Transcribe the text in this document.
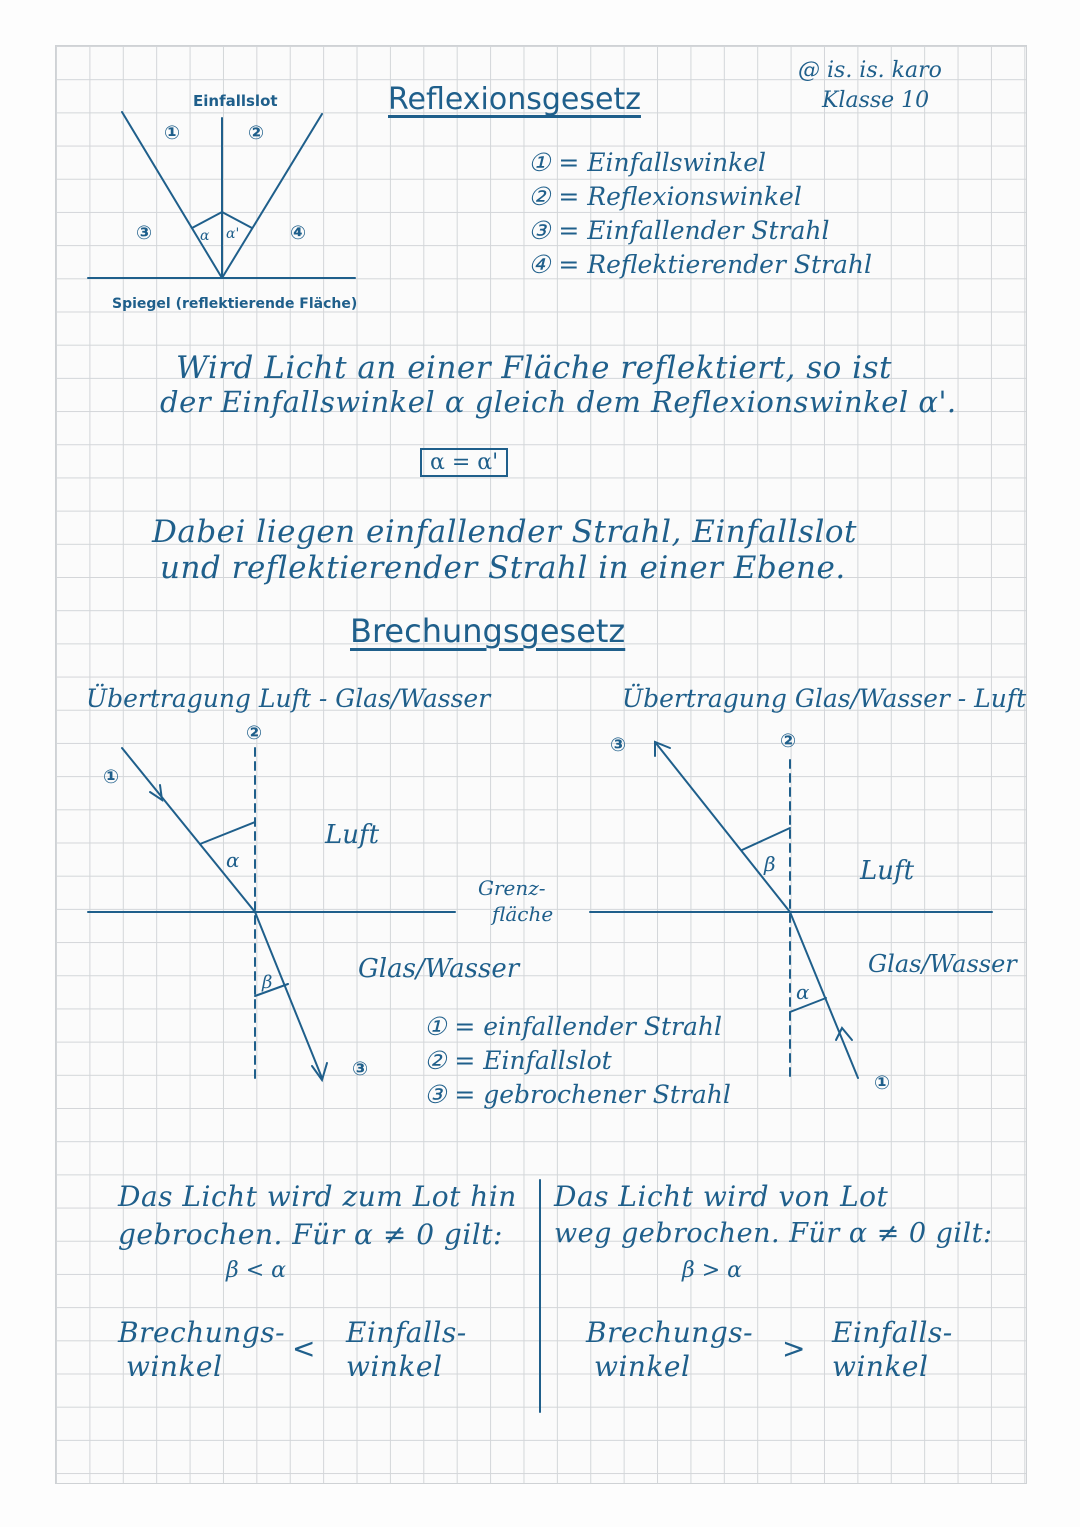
@ is. is. karo
Klasse 10
Reflexionsgesetz
Einfallslot
①	②
③	④
α α'
Spiegel (reflektierende Fläche)
① = Einfallswinkel
② = Reflexionswinkel
③ = Einfallender Strahl
④ = Reflektierender Strahl
Wird Licht an einer Fläche reflektiert, so ist
der Einfallswinkel α gleich dem Reflexionswinkel α'.
α = α'
Dabei liegen einfallender Strahl, Einfallslot
und reflektierender Strahl in einer Ebene.
Brechungsgesetz
Übertragung Luft - Glas/Wasser
②
①
α
Luft
β	Glas/Wasser
③
Grenz-
fläche
Übertragung Glas/Wasser - Luft
③	②
β	Luft
Glas/Wasser
α
①
① = einfallender Strahl
② = Einfallslot
③ = gebrochener Strahl
Das Licht wird zum Lot hin
gebrochen. Für α ≠ 0 gilt:
β < α
Brechungs-
winkel
< Einfalls-
winkel
Das Licht wird von Lot
weg gebrochen. Für α ≠ 0 gilt:
β > α
Brechungs-
winkel
> Einfalls-
winkel
